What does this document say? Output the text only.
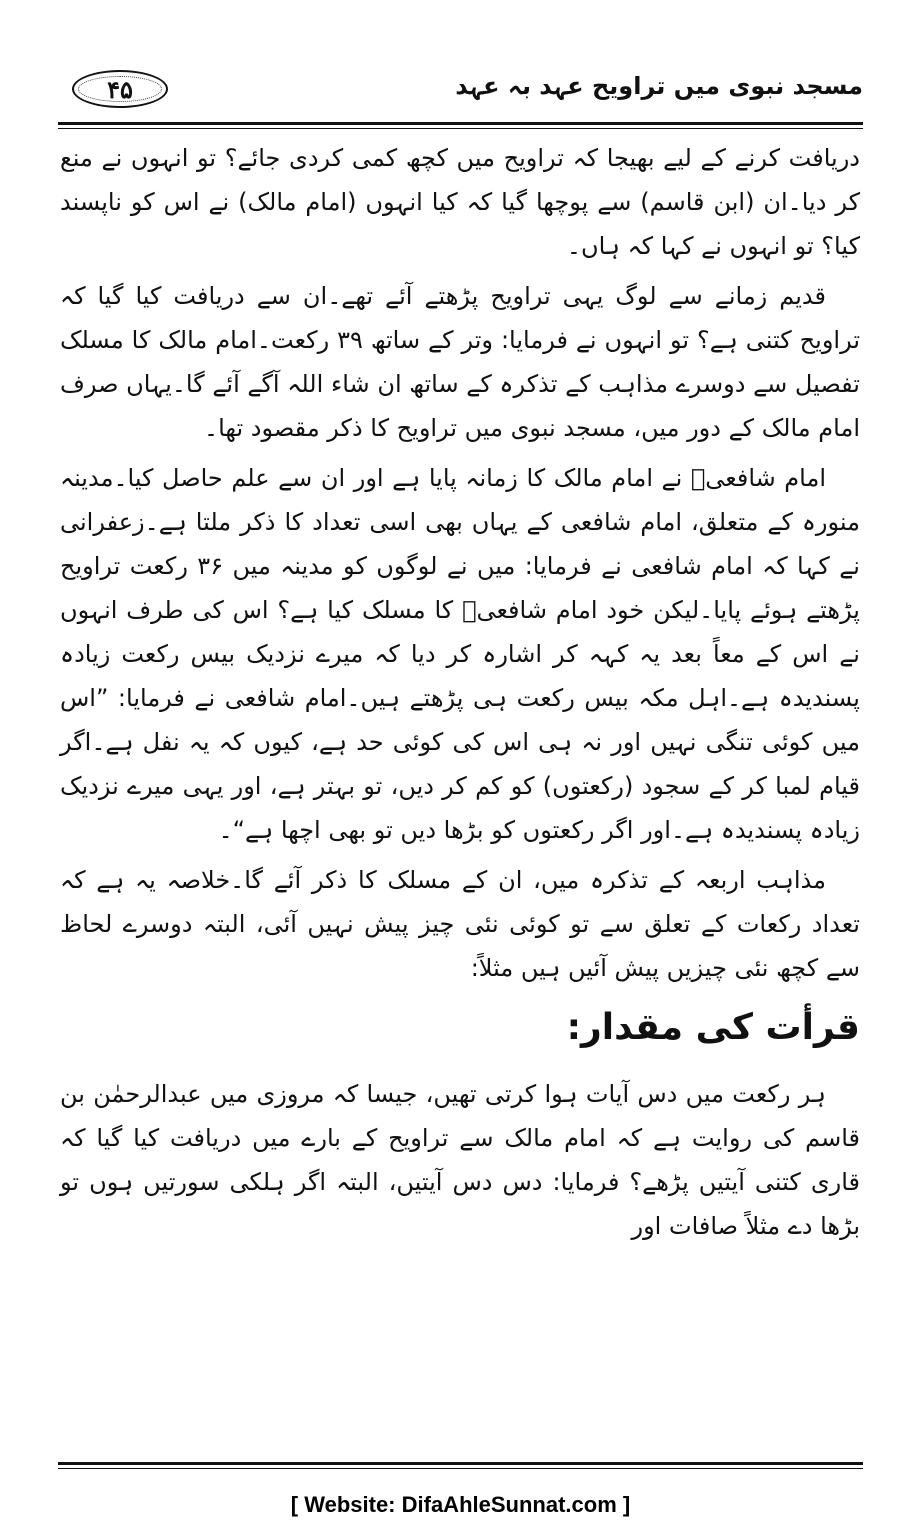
۴۵	مسجد نبوی میں تراویح عہد بہ عہد

دریافت کرنے کے لیے بھیجا کہ تراویح میں کچھ کمی کردی جائے؟ تو انہوں نے منع کر دیا۔ان (ابن قاسم) سے پوچھا گیا کہ کیا انہوں (امام مالک) نے اس کو ناپسند کیا؟ تو انہوں نے کہا کہ ہاں۔

قدیم زمانے سے لوگ یہی تراویح پڑھتے آئے تھے۔ان سے دریافت کیا گیا کہ تراویح کتنی ہے؟ تو انہوں نے فرمایا: وتر کے ساتھ ۳۹ رکعت۔امام مالک کا مسلک تفصیل سے دوسرے مذاہب کے تذکرہ کے ساتھ ان شاء اللہ آگے آئے گا۔یہاں صرف امام مالک کے دور میں، مسجد نبوی میں تراویح کا ذکر مقصود تھا۔

امام شافعیؒ نے امام مالک کا زمانہ پایا ہے اور ان سے علم حاصل کیا۔مدینہ منورہ کے متعلق، امام شافعی کے یہاں بھی اسی تعداد کا ذکر ملتا ہے۔زعفرانی نے کہا کہ امام شافعی نے فرمایا: میں نے لوگوں کو مدینہ میں ۳۶ رکعت تراویح پڑھتے ہوئے پایا۔لیکن خود امام شافعیؒ کا مسلک کیا ہے؟ اس کی طرف انہوں نے اس کے معاً بعد یہ کہہ کر اشارہ کر دیا کہ میرے نزدیک بیس رکعت زیادہ پسندیدہ ہے۔اہل مکہ بیس رکعت ہی پڑھتے ہیں۔امام شافعی نے فرمایا: ”اس میں کوئی تنگی نہیں اور نہ ہی اس کی کوئی حد ہے، کیوں کہ یہ نفل ہے۔اگر قیام لمبا کر کے سجود (رکعتوں) کو کم کر دیں، تو بہتر ہے، اور یہی میرے نزدیک زیادہ پسندیدہ ہے۔اور اگر رکعتوں کو بڑھا دیں تو بھی اچھا ہے“۔

مذاہب اربعہ کے تذکرہ میں، ان کے مسلک کا ذکر آئے گا۔خلاصہ یہ ہے کہ تعداد رکعات کے تعلق سے تو کوئی نئی چیز پیش نہیں آئی، البتہ دوسرے لحاظ سے کچھ نئی چیزیں پیش آئیں ہیں مثلاً:

قرأت کی مقدار:

ہر رکعت میں دس آیات ہوا کرتی تھیں، جیسا کہ مروزی میں عبدالرحمٰن بن قاسم کی روایت ہے کہ امام مالک سے تراویح کے بارے میں دریافت کیا گیا کہ قاری کتنی آیتیں پڑھے؟ فرمایا: دس دس آیتیں، البتہ اگر ہلکی سورتیں ہوں تو بڑھا دے مثلاً صافات اور

[ Website: DifaAhleSunnat.com ]
